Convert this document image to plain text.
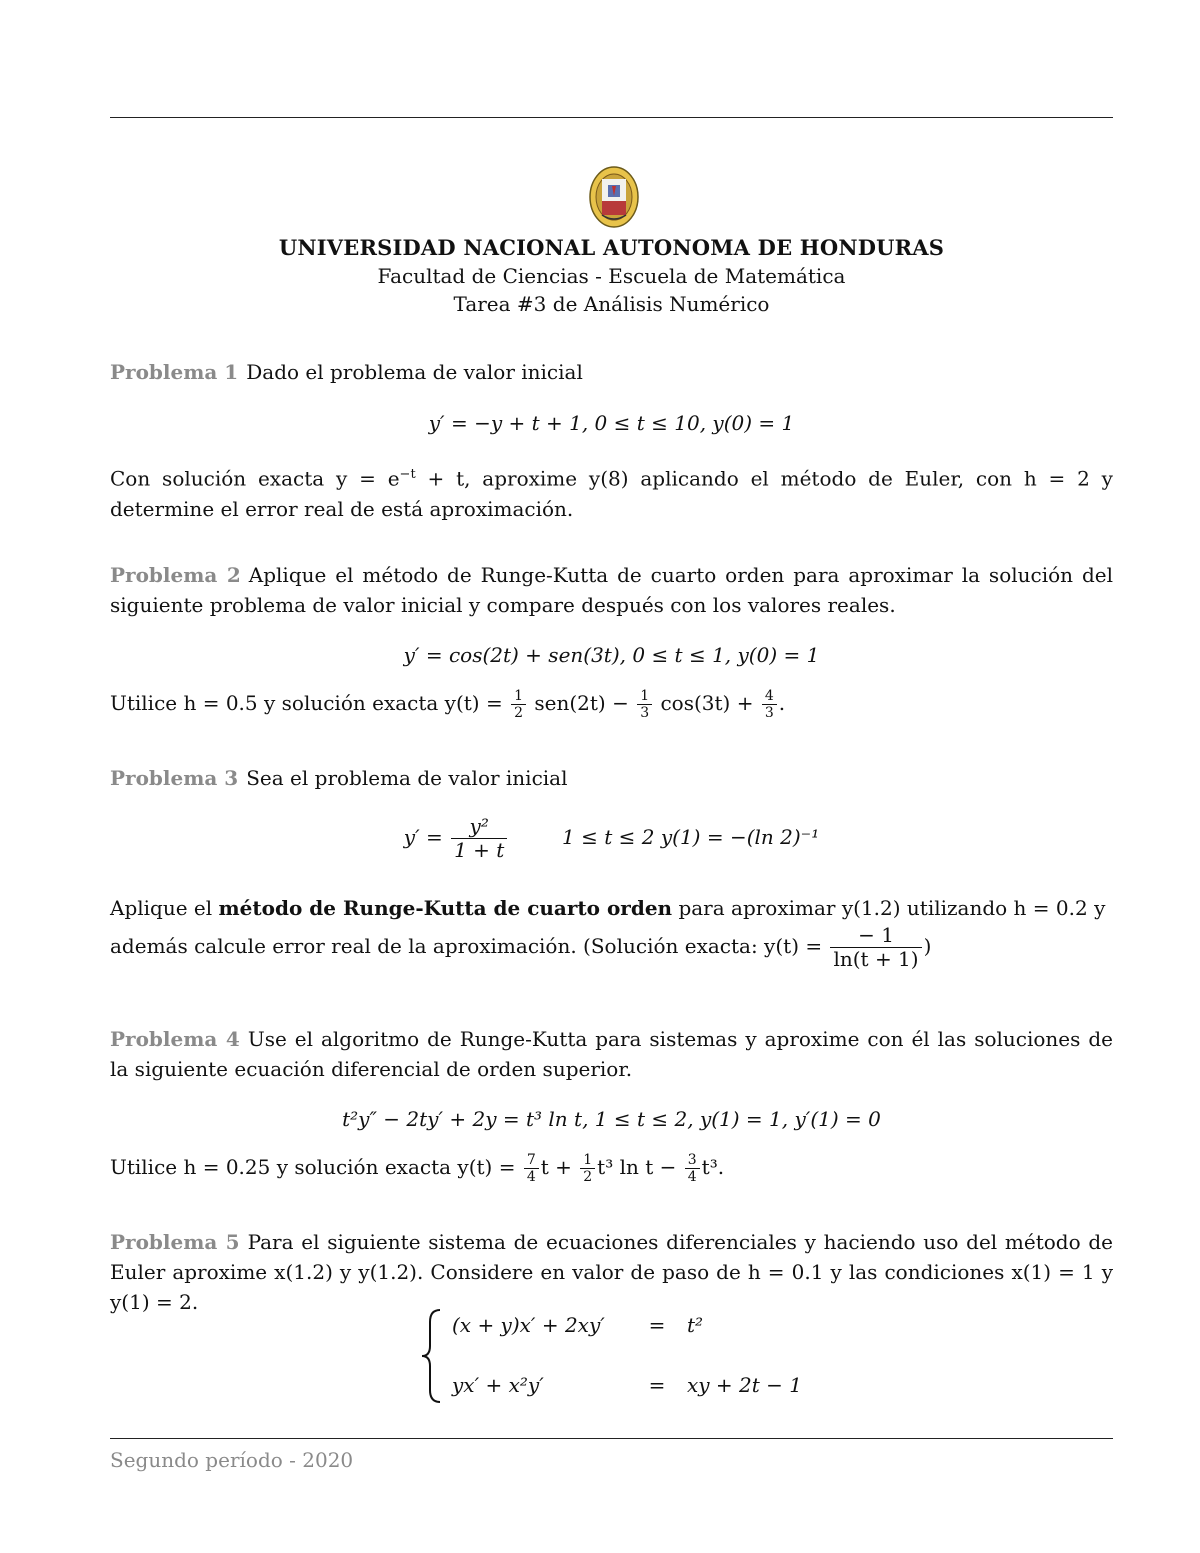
UNIVERSIDAD NACIONAL AUTONOMA DE HONDURAS
Facultad de Ciencias - Escuela de Matemática
Tarea #3 de Análisis Numérico
Problema 1 Dado el problema de valor inicial
y′ = −y + t + 1, 0 ≤ t ≤ 10, y(0) = 1
Con solución exacta $y = e^{-t} + t$, aproxime y(8) aplicando el método de Euler, con h = 2 y determine el error real de está aproximación.
Problema 2 Aplique el método de Runge-Kutta de cuarto orden para aproximar la solución del siguiente problema de valor inicial y compare después con los valores reales.
y′ = cos(2t) + sen(3t), 0 ≤ t ≤ 1, y(0) = 1
Utilice h = 0.5 y solución exacta $y(t) = \frac{1}{2} sen(2t) - \frac{1}{3} \cos(3t) + \frac{4}{3}$ .
Problema 3 Sea el problema de valor inicial
$y' = \frac{\text{y²}}{1 + t}$	1 ≤ t ≤ 2 y(1) = −(ln 2)⁻¹
Aplique el método de Runge-Kutta de cuarto orden para aproximar y(1.2) utilizando h = 0.2 y
además calcule error real de la aproximación. (Solución exacta: $y(t) = \frac{- 1}{\ln(t + 1)}$ )
Problema 4 Use el algoritmo de Runge-Kutta para sistemas y aproxime con él las soluciones de la siguiente ecuación diferencial de orden superior.
t²y″ − 2ty′ + 2y = t³ ln t, 1 ≤ t ≤ 2, y(1) = 1, y′(1) = 0
Utilice h = 0.25 y solución exacta $y(t) = \frac{7}{4}$ $t + \frac{1}{2} t^3$ $\ln t - \frac{3}{4} t^3$.
Problema 5 Para el siguiente sistema de ecuaciones diferenciales y haciendo uso del método de Euler aproxime x(1.2) y y(1.2). Considere en valor de paso de h = 0.1 y las condiciones x(1) = 1 y y(1) = 2.
(x + y)x′ + 2xy′	= t²
yx′ + x²y′	= xy + 2t − 1
Segundo período - 2020
